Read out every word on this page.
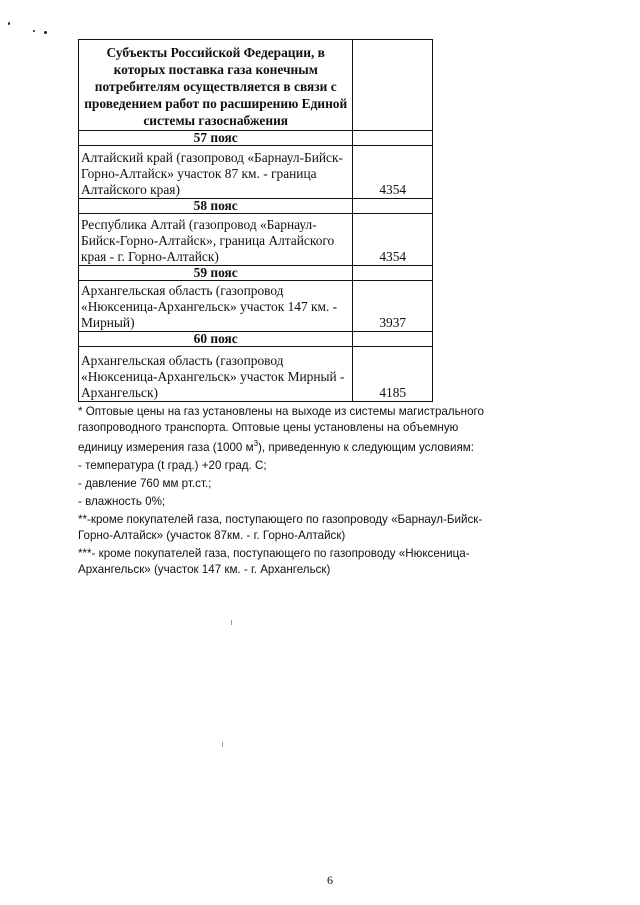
Субъекты Российской Федерации, в которых поставка газа конечным потребителям осуществляется в связи с проведением работ по расширению Единой системы газоснабжения	
57 пояс	
Алтайский край (газопровод «Барнаул-Бийск-Горно-Алтайск» участок 87 км. - граница Алтайского края)	4354
58 пояс	
Республика Алтай (газопровод «Барнаул-Бийск-Горно-Алтайск», граница Алтайского края - г. Горно-Алтайск)	4354
59 пояс	
Архангельская область (газопровод «Нюксеница-Архангельск» участок 147 км. - Мирный)	3937
60 пояс	
Архангельская область (газопровод «Нюксеница-Архангельск» участок Мирный - Архангельск)	4185

* Оптовые цены на газ установлены на выходе из системы магистрального газопроводного транспорта. Оптовые цены установлены на объемную единицу измерения газа (1000 $м^3$), приведенную к следующим условиям:

- температура (t град.) +20 град. С;

- давление 760 мм рт.ст.;

- влажность 0%;

**-кроме покупателей газа, поступающего по газопроводу «Барнаул-Бийск-Горно-Алтайск» (участок 87км. - г. Горно-Алтайск)

***- кроме покупателей газа, поступающего по газопроводу «Нюксеница-Архангельск» (участок 147 км. - г. Архангельск)

6
